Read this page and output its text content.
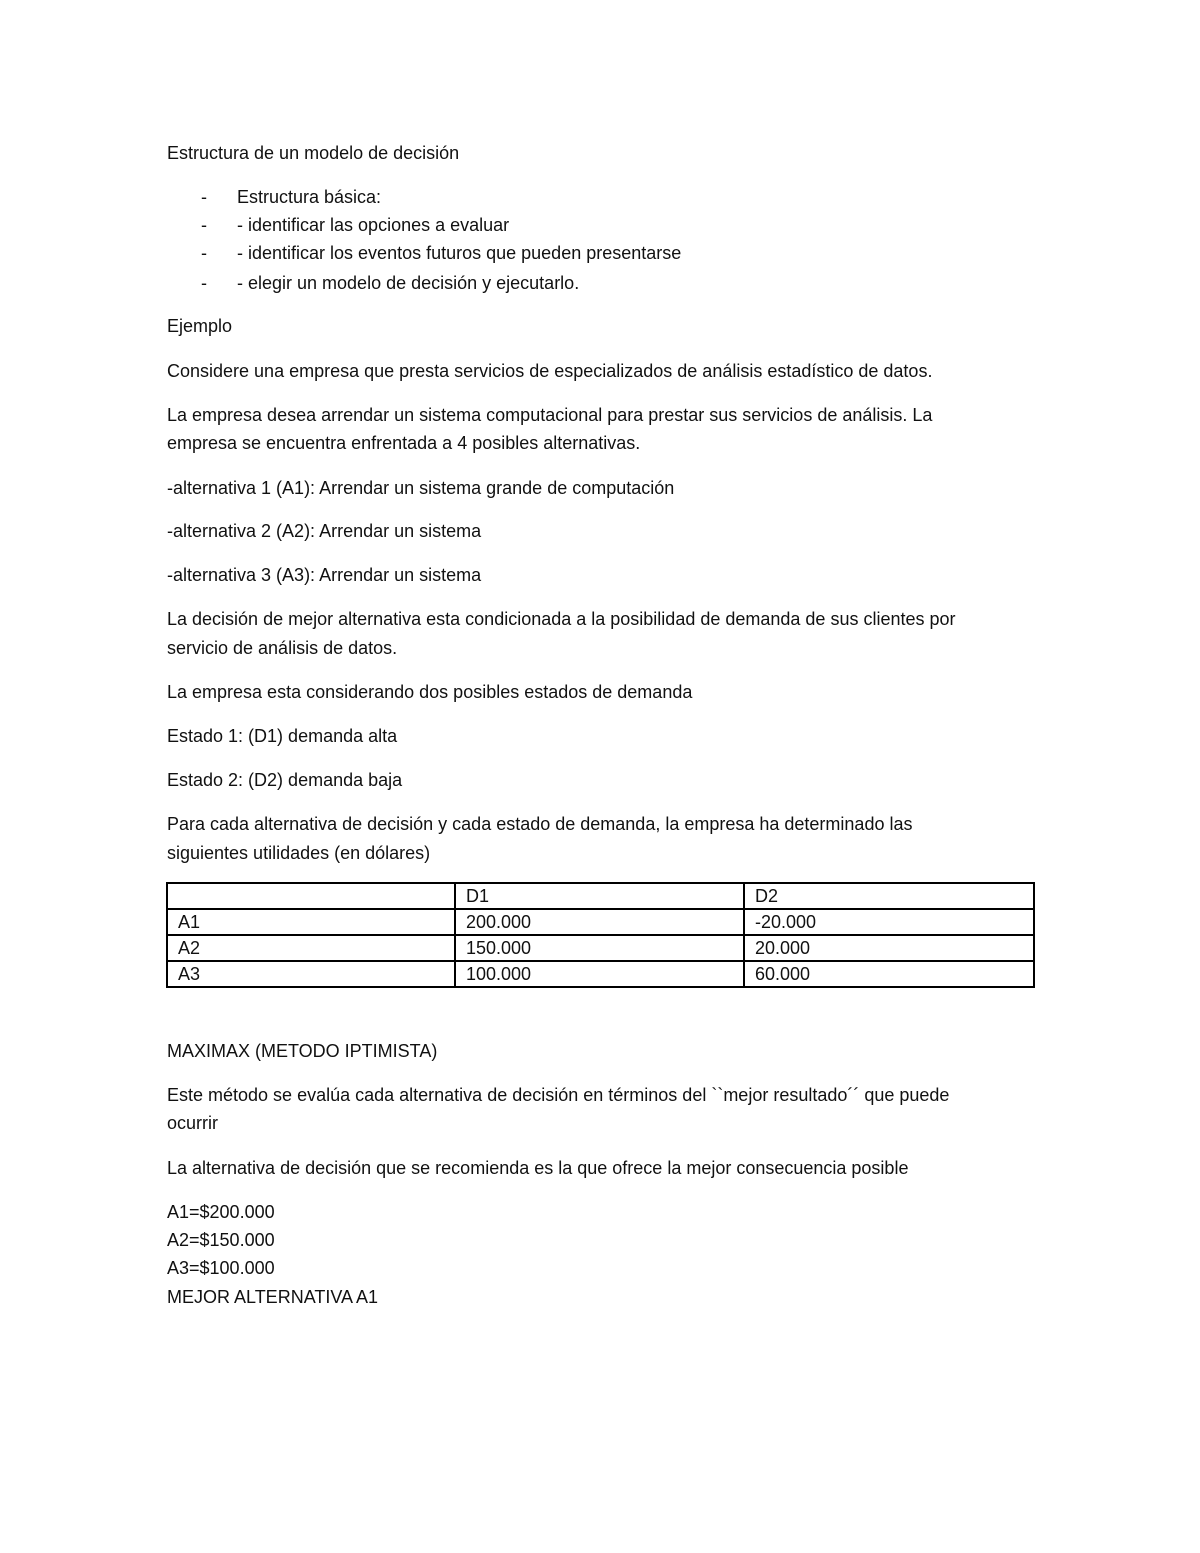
Estructura de un modelo de decisión

- Estructura básica:
- - identificar las opciones a evaluar
- - identificar los eventos futuros que pueden presentarse
- - elegir un modelo de decisión y ejecutarlo.

Ejemplo

Considere una empresa que presta servicios de especializados de análisis estadístico de datos.

La empresa desea arrendar un sistema computacional para prestar sus servicios de análisis. La

empresa se encuentra enfrentada a 4 posibles alternativas.

-alternativa 1 (A1): Arrendar un sistema grande de computación

-alternativa 2 (A2): Arrendar un sistema

-alternativa 3 (A3): Arrendar un sistema

La decisión de mejor alternativa esta condicionada a la posibilidad de demanda de sus clientes por

servicio de análisis de datos.

La empresa esta considerando dos posibles estados de demanda

Estado 1: (D1) demanda alta

Estado 2: (D2) demanda baja

Para cada alternativa de decisión y cada estado de demanda, la empresa ha determinado las

siguientes utilidades (en dólares)

	D1	D2
A1	200.000	-20.000
A2	150.000	20.000
A3	100.000	60.000

MAXIMAX (METODO IPTIMISTA)

Este método se evalúa cada alternativa de decisión en términos del ``mejor resultado´´ que puede

ocurrir

La alternativa de decisión que se recomienda es la que ofrece la mejor consecuencia posible

A1=$200.000

A2=$150.000

A3=$100.000

MEJOR ALTERNATIVA A1
